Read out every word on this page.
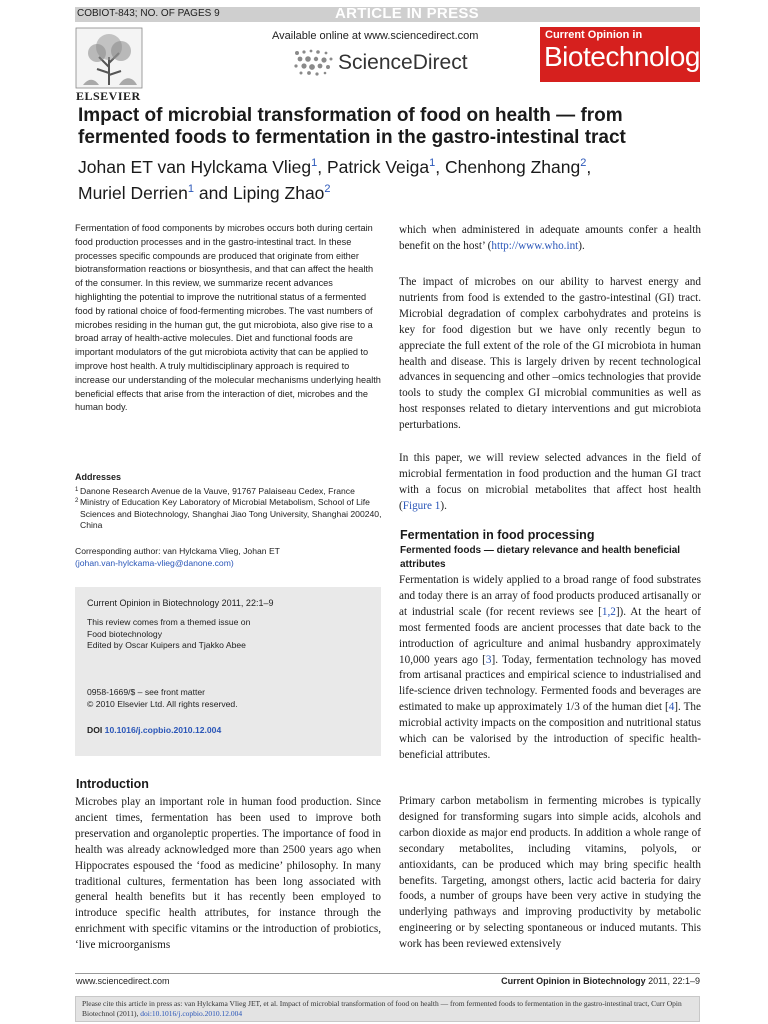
COBIOT-843; NO. OF PAGES 9	ARTICLE IN PRESS
ELSEVIER
Available online at www.sciencedirect.com
ScienceDirect
Current Opinion in
Biotechnology
Impact of microbial transformation of food on health — from fermented foods to fermentation in the gastro-intestinal tract
Johan ET van Hylckama Vlieg$^1$, Patrick Veiga$^1$, Chenhong Zhang$^2$,
Muriel Derrien$^1$ and Liping Zhao$^2$
Fermentation of food components by microbes occurs both during certain food production processes and in the gastro-intestinal tract. In these processes specific compounds are produced that originate from either biotransformation reactions or biosynthesis, and that can affect the health of the consumer. In this review, we summarize recent advances highlighting the potential to improve the nutritional status of a fermented food by rational choice of food-fermenting microbes. The vast numbers of microbes residing in the human gut, the gut microbiota, also give rise to a broad array of health-active molecules. Diet and functional foods are important modulators of the gut microbiota activity that can be applied to improve host health. A truly multidisciplinary approach is required to increase our understanding of the molecular mechanisms underlying health beneficial effects that arise from the interaction of diet, microbes and the human body.
Addresses
1 Danone Research Avenue de la Vauve, 91767 Palaiseau Cedex, France
2 Ministry of Education Key Laboratory of Microbial Metabolism, School of Life Sciences and Biotechnology, Shanghai Jiao Tong University, Shanghai 200240, China
Corresponding author: van Hylckama Vlieg, Johan ET
(johan.van-hylckama-vlieg@danone.com)
Current Opinion in Biotechnology 2011, 22:1–9
This review comes from a themed issue on
Food biotechnology
Edited by Oscar Kuipers and Tjakko Abee
0958-1669/$ – see front matter
© 2010 Elsevier Ltd. All rights reserved.
DOI 10.1016/j.copbio.2010.12.004
Introduction
Microbes play an important role in human food production. Since ancient times, fermentation has been used to improve both preservation and organoleptic properties. The importance of food in health was already acknowledged more than 2500 years ago when Hippocrates espoused the ‘food as medicine’ philosophy. In many traditional cultures, fermentation has been long associated with general health benefits but it has recently been employed to introduce specific health attributes, for instance through the enrichment with specific vitamins or the introduction of probiotics, ‘live microorganisms
which when administered in adequate amounts confer a health benefit on the host’ (http://www.who.int).
The impact of microbes on our ability to harvest energy and nutrients from food is extended to the gastro-intestinal (GI) tract. Microbial degradation of complex carbohydrates and proteins is key for food digestion but we have only recently begun to appreciate the full extent of the role of the GI microbiota in human health and disease. This is largely driven by recent technological advances in sequencing and other –omics technologies that provide tools to study the complex GI microbial communities as well as host responses related to dietary interventions and gut microbiota perturbations.
In this paper, we will review selected advances in the field of microbial fermentation in food production and the human GI tract with a focus on microbial metabolites that affect host health (Figure 1).
Fermentation in food processing
Fermented foods — dietary relevance and health beneficial attributes
Fermentation is widely applied to a broad range of food substrates and today there is an array of food products produced artisanally or at industrial scale (for recent reviews see [1,2]). At the heart of most fermented foods are ancient processes that date back to the introduction of agriculture and animal husbandry approximately 10,000 years ago [3]. Today, fermentation technology has moved from artisanal practices and empirical science to industrialised and life-science driven technology. Fermented foods and beverages are estimated to make up approximately 1/3 of the human diet [4]. The microbial activity impacts on the composition and nutritional status which can be valorised by the introduction of specific health-beneficial attributes.
Primary carbon metabolism in fermenting microbes is typically designed for transforming sugars into simple acids, alcohols and carbon dioxide as major end products. In addition a whole range of secondary metabolites, including vitamins, polyols, or antioxidants, can be produced which may bring specific health benefits. Targeting, amongst others, lactic acid bacteria for dairy foods, a number of groups have been very active in studying the underlying pathways and improving productivity by metabolic engineering or by selecting spontaneous or induced mutants. This work has been reviewed extensively
www.sciencedirect.com	Current Opinion in Biotechnology 2011, 22:1–9
Please cite this article in press as: van Hylckama Vlieg JET, et al. Impact of microbial transformation of food on health — from fermented foods to fermentation in the gastro-intestinal tract, Curr Opin Biotechnol (2011), doi:10.1016/j.copbio.2010.12.004
